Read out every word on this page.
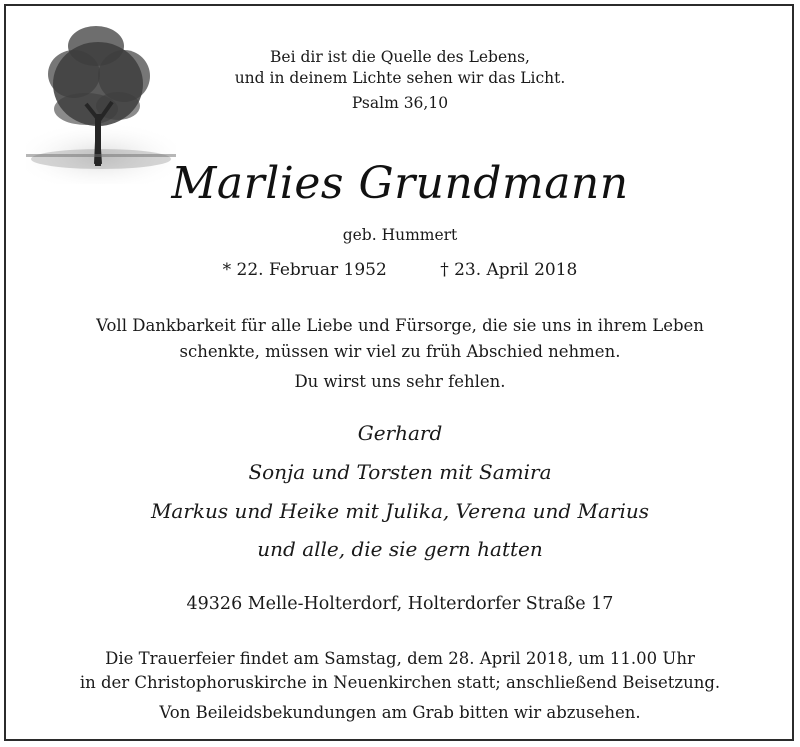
Bei dir ist die Quelle des Lebens,
und in deinem Lichte sehen wir das Licht.
Psalm 36,10
Marlies Grundmann
geb. Hummert
* 22. Februar 1952	† 23. April 2018
Voll Dankbarkeit für alle Liebe und Fürsorge, die sie uns in ihrem Leben
schenkte, müssen wir viel zu früh Abschied nehmen.
Du wirst uns sehr fehlen.
Gerhard
Sonja und Torsten mit Samira
Markus und Heike mit Julika, Verena und Marius
und alle, die sie gern hatten
49326 Melle-Holterdorf, Holterdorfer Straße 17
Die Trauerfeier findet am Samstag, dem 28. April 2018, um 11.00 Uhr
in der Christophoruskirche in Neuenkirchen statt; anschließend Beisetzung.
Von Beileidsbekundungen am Grab bitten wir abzusehen.
